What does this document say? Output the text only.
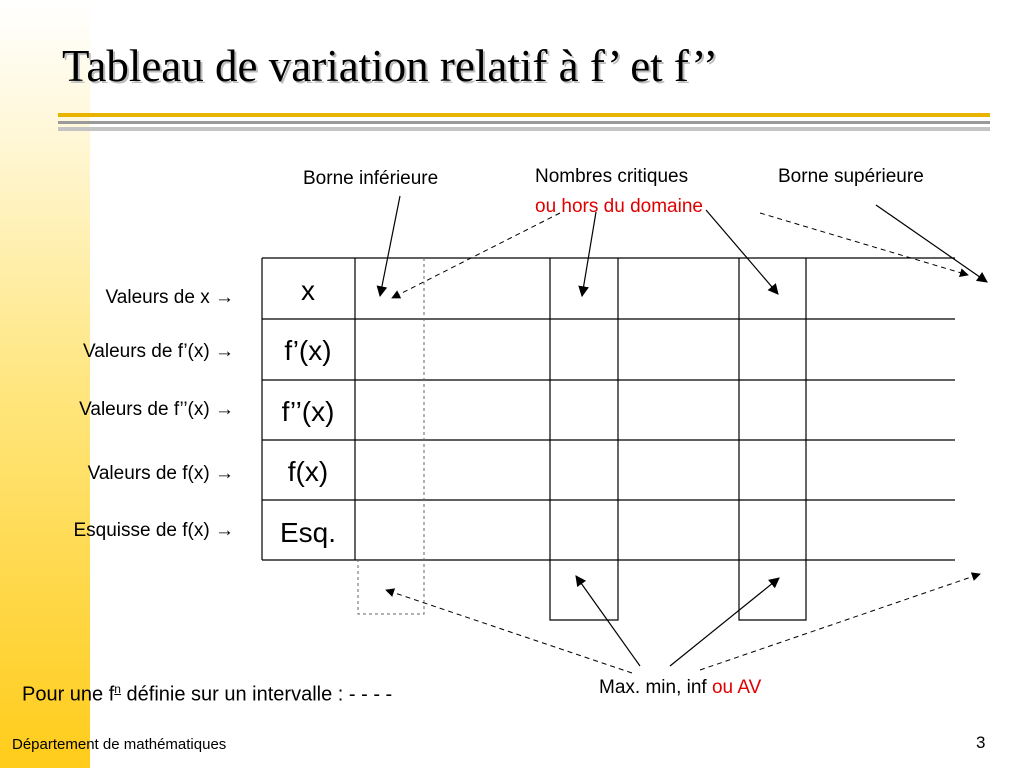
Tableau de variation relatif à f’ et f’’
Borne inférieure	Nombres critiques
ou hors du domaine
Borne supérieure
Max. min, inf ou AV
Valeurs de x →
Valeurs de f’(x) →
Valeurs de f’’(x) →
Valeurs de f(x) →
Esquisse de f(x) →
x
f’(x)
f’’(x)
f(x)
Esq.
Pour une $f^n$ définie sur un intervalle : - - - -
Département de mathématiques	3
